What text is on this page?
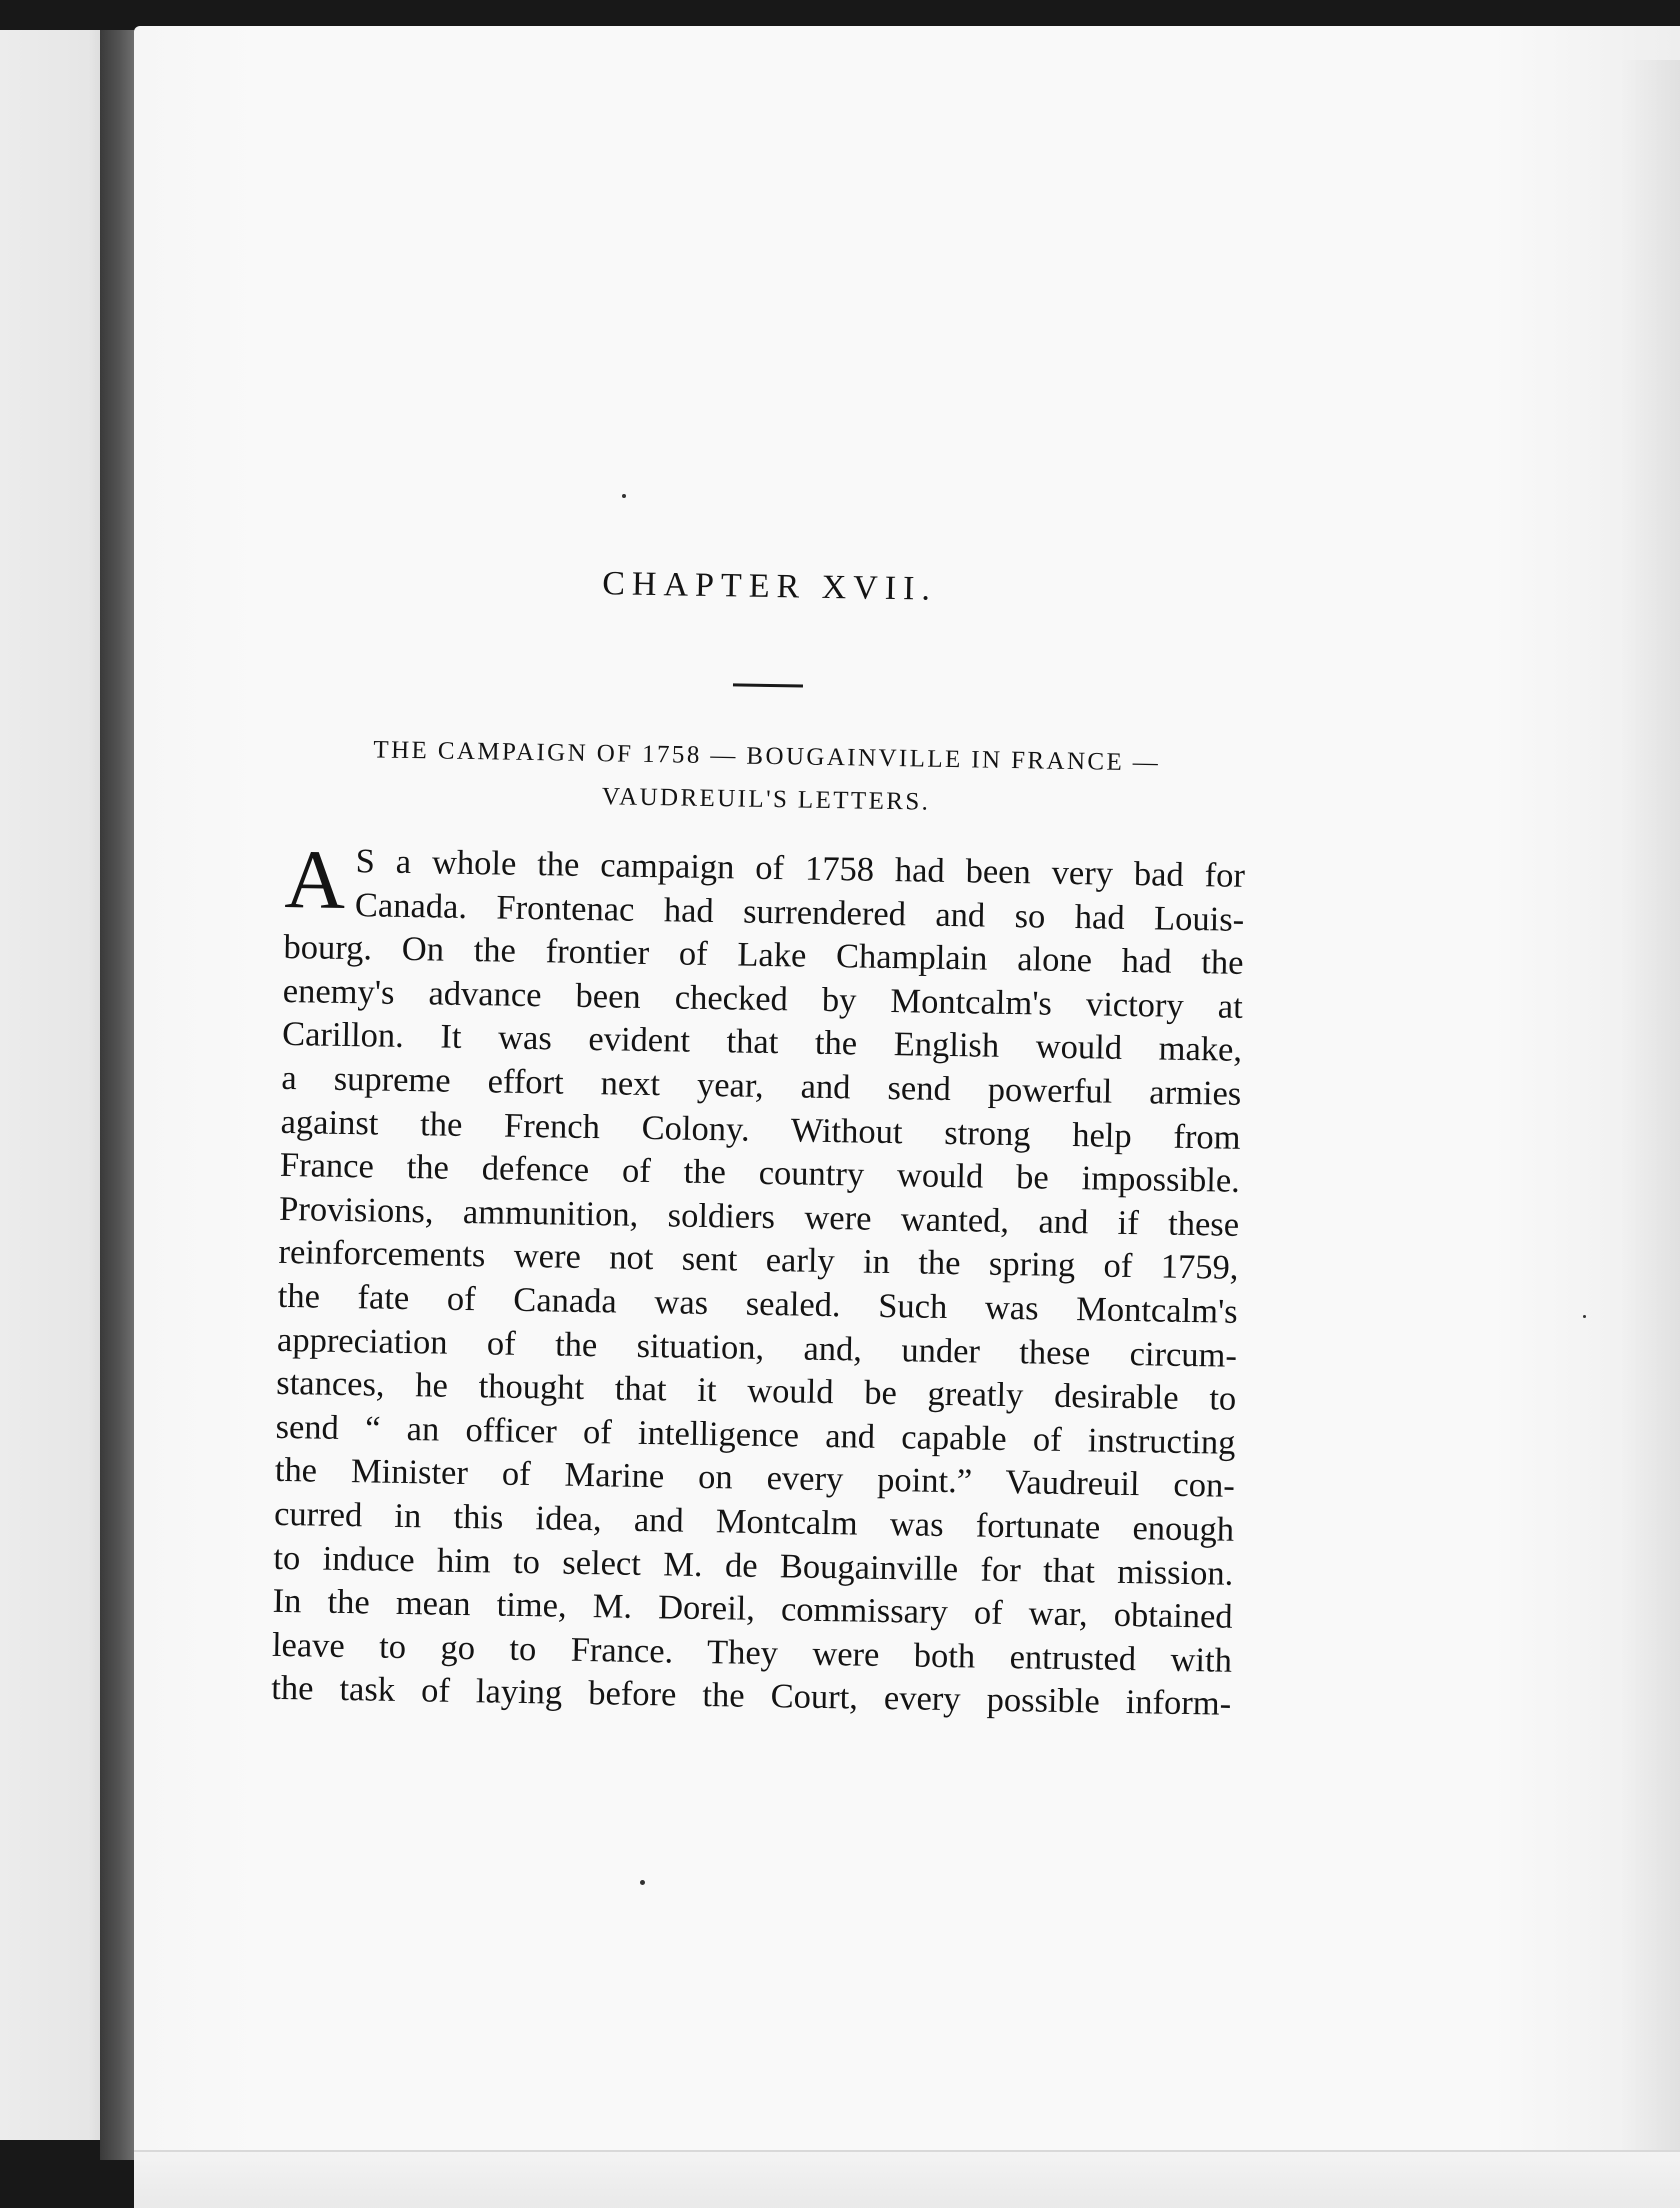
CHAPTER XVII.
THE CAMPAIGN OF 1758 — BOUGAINVILLE IN FRANCE —
VAUDREUIL'S LETTERS.
A S a whole the campaign of 1758 had been very bad for
Canada. Frontenac had surrendered and so had Louis-
bourg. On the frontier of Lake Champlain alone had the
enemy's advance been checked by Montcalm's victory at
Carillon. It was evident that the English would make,
a supreme effort next year, and send powerful armies
against the French Colony. Without strong help from
France the defence of the country would be impossible.
Provisions, ammunition, soldiers were wanted, and if these
reinforcements were not sent early in the spring of 1759,
the fate of Canada was sealed. Such was Montcalm's
appreciation of the situation, and, under these circum-
stances, he thought that it would be greatly desirable to
send “ an officer of intelligence and capable of instructing
the Minister of Marine on every point.” Vaudreuil con-
curred in this idea, and Montcalm was fortunate enough
to induce him to select M. de Bougainville for that mission.
In the mean time, M. Doreil, commissary of war, obtained
leave to go to France. They were both entrusted with
the task of laying before the Court, every possible inform-
